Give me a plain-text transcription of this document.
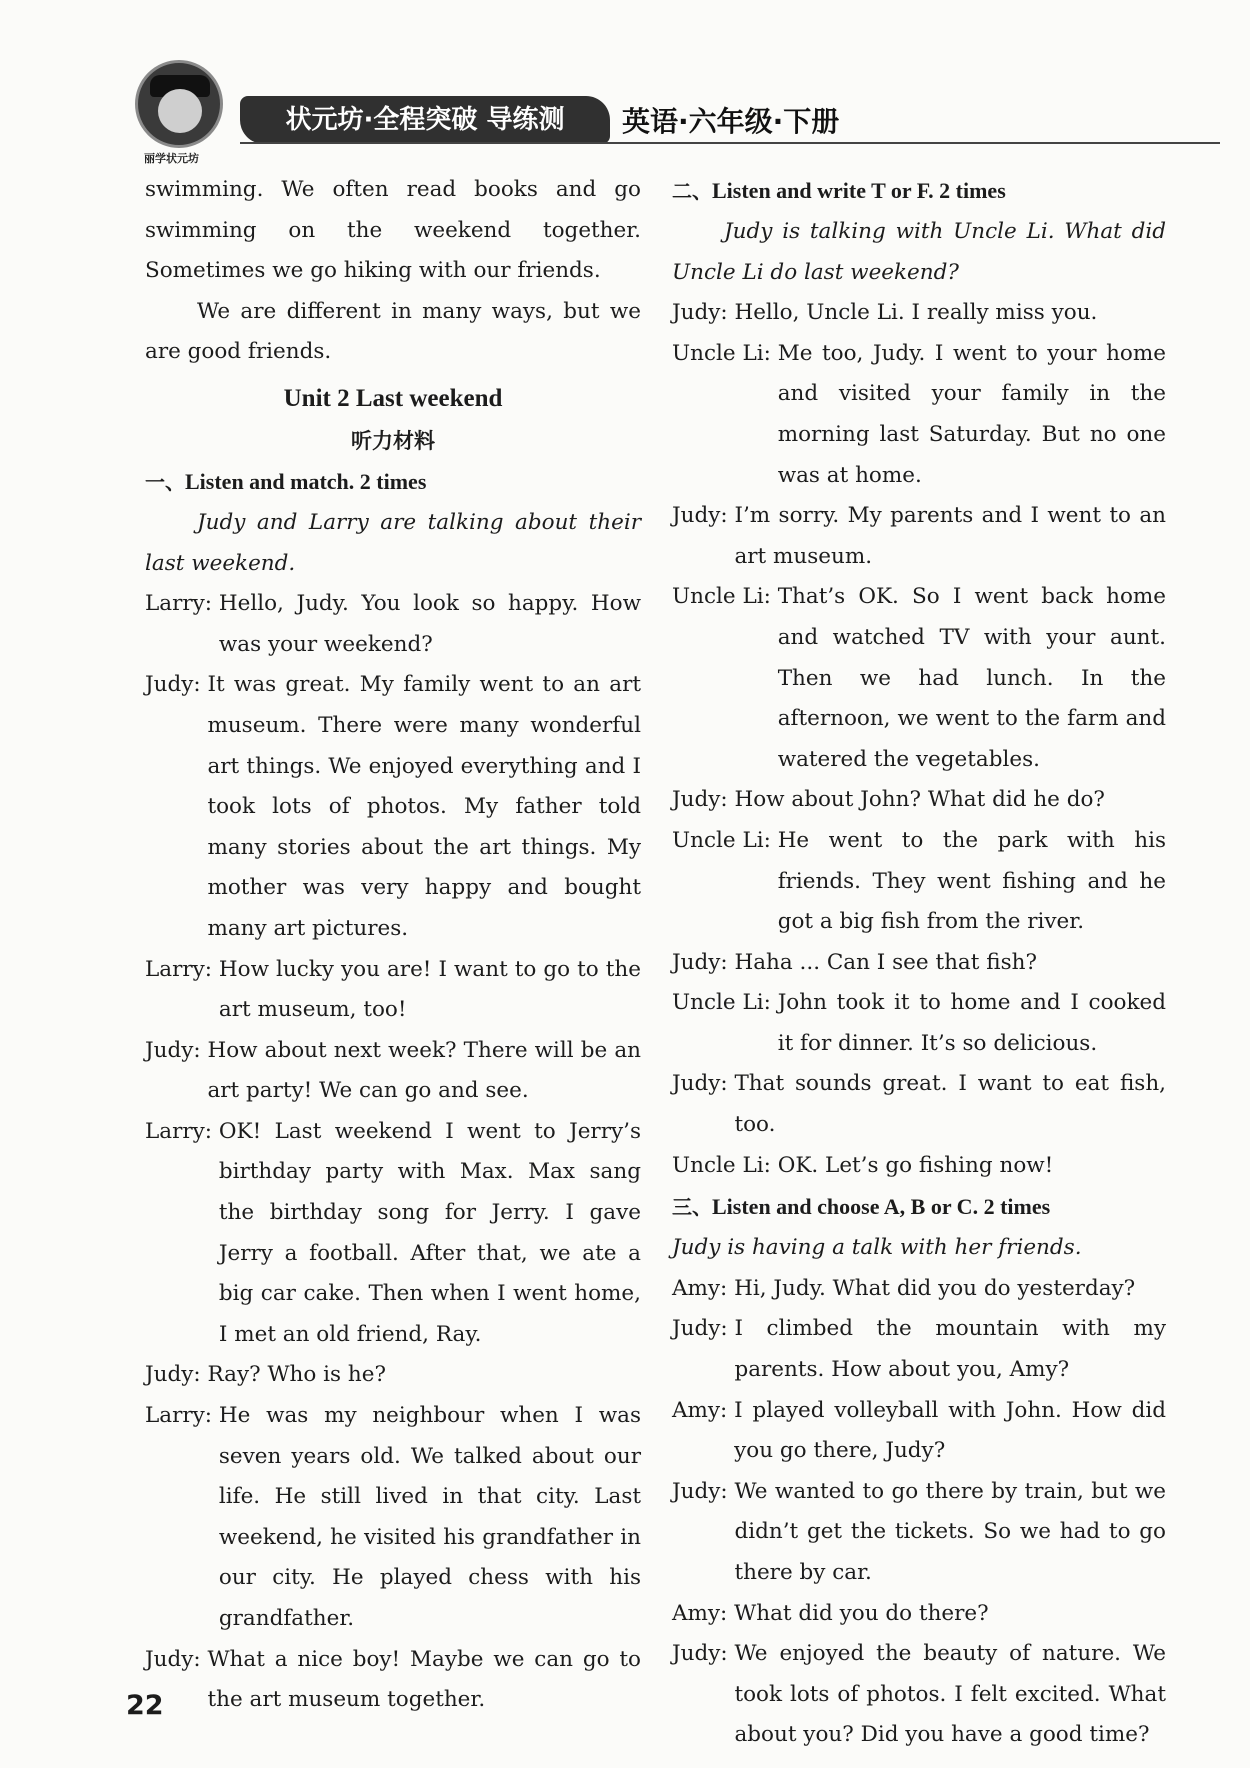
丽学状元坊
状元坊·全程突破 导练测	英语·六年级·下册

swimming. We often read books and go swimming on the weekend together. Sometimes we go hiking with our friends.

We are different in many ways, but we are good friends.

Unit 2 Last weekend

听力材料

一、Listen and match. 2 times

Judy and Larry are talking about their last weekend.

Larry: Hello, Judy. You look so happy. How was your weekend?
Judy: It was great. My family went to an art museum. There were many wonderful art things. We enjoyed everything and I took lots of photos. My father told many stories about the art things. My mother was very happy and bought many art pictures.
Larry: How lucky you are! I want to go to the art museum, too!
Judy: How about next week? There will be an art party! We can go and see.
Larry: OK! Last weekend I went to Jerry’s birthday party with Max. Max sang the birthday song for Jerry. I gave Jerry a football. After that, we ate a big car cake. Then when I went home, I met an old friend, Ray.
Judy: Ray? Who is he?
Larry: He was my neighbour when I was seven years old. We talked about our life. He still lived in that city. Last weekend, he visited his grandfather in our city. He played chess with his grandfather.
Judy: What a nice boy! Maybe we can go to the art museum together.

二、Listen and write T or F. 2 times

Judy is talking with Uncle Li. What did Uncle Li do last weekend?

Judy: Hello, Uncle Li. I really miss you.
Uncle Li: Me too, Judy. I went to your home and visited your family in the morning last Saturday. But no one was at home.
Judy: I’m sorry. My parents and I went to an art museum.
Uncle Li: That’s OK. So I went back home and watched TV with your aunt. Then we had lunch. In the afternoon, we went to the farm and watered the vegetables.
Judy: How about John? What did he do?
Uncle Li: He went to the park with his friends. They went fishing and he got a big fish from the river.
Judy: Haha ... Can I see that fish?
Uncle Li: John took it to home and I cooked it for dinner. It’s so delicious.
Judy: That sounds great. I want to eat fish, too.
Uncle Li: OK. Let’s go fishing now!

三、Listen and choose A, B or C. 2 times

Judy is having a talk with her friends.

Amy: Hi, Judy. What did you do yesterday?
Judy: I climbed the mountain with my parents. How about you, Amy?
Amy: I played volleyball with John. How did you go there, Judy?
Judy: We wanted to go there by train, but we didn’t get the tickets. So we had to go there by car.
Amy: What did you do there?
Judy: We enjoyed the beauty of nature. We took lots of photos. I felt excited. What about you? Did you have a good time?
22
